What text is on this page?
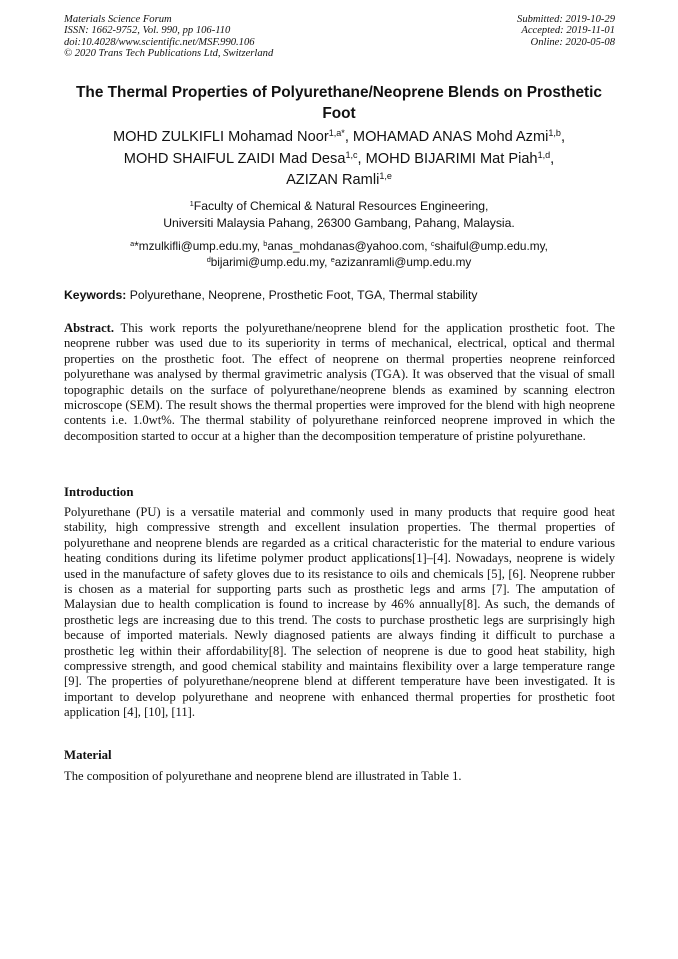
Materials Science Forum
ISSN: 1662-9752, Vol. 990, pp 106-110
doi:10.4028/www.scientific.net/MSF.990.106
© 2020 Trans Tech Publications Ltd, Switzerland
Submitted: 2019-10-29
Accepted: 2019-11-01
Online: 2020-05-08
The Thermal Properties of Polyurethane/Neoprene Blends on Prosthetic Foot
MOHD ZULKIFLI Mohamad Noor$^{1,a*}$, MOHAMAD ANAS Mohd Azmi$^{1,b}$,
MOHD SHAIFUL ZAIDI Mad Desa$^{1,c}$, MOHD BIJARIMI Mat Piah$^{1,d}$,
AZIZAN Ramli$^{1,e}$
$^1$Faculty of Chemical & Natural Resources Engineering,
Universiti Malaysia Pahang, 26300 Gambang, Pahang, Malaysia.
$^a$*mzulkifli@ump.edu.my, $^b$anas_mohdanas@yahoo.com, $^c$shaiful@ump.edu.my,
$^d$bijarimi@ump.edu.my, $^e$azizanramli@ump.edu.my
Keywords: Polyurethane, Neoprene, Prosthetic Foot, TGA, Thermal stability
Abstract. This work reports the polyurethane/neoprene blend for the application prosthetic foot. The neoprene rubber was used due to its superiority in terms of mechanical, electrical, optical and thermal properties on the prosthetic foot. The effect of neoprene on thermal properties neoprene reinforced polyurethane was analysed by thermal gravimetric analysis (TGA). It was observed that the visual of small topographic details on the surface of polyurethane/neoprene blends as examined by scanning electron microscope (SEM). The result shows the thermal properties were improved for the blend with high neoprene contents i.e. 1.0wt%. The thermal stability of polyurethane reinforced neoprene improved in which the decomposition started to occur at a higher than the decomposition temperature of pristine polyurethane.
Introduction
Polyurethane (PU) is a versatile material and commonly used in many products that require good heat stability, high compressive strength and excellent insulation properties. The thermal properties of polyurethane and neoprene blends are regarded as a critical characteristic for the material to endure various heating conditions during its lifetime polymer product applications[1]–[4]. Nowadays, neoprene is widely used in the manufacture of safety gloves due to its resistance to oils and chemicals [5], [6]. Neoprene rubber is chosen as a material for supporting parts such as prosthetic legs and arms [7]. The amputation of Malaysian due to health complication is found to increase by 46% annually[8]. As such, the demands of prosthetic legs are increasing due to this trend. The costs to purchase prosthetic legs are surprisingly high because of imported materials. Newly diagnosed patients are always finding it difficult to purchase a prosthetic leg within their affordability[8]. The selection of neoprene is due to good heat stability, high compressive strength, and good chemical stability and maintains flexibility over a large temperature range [9]. The properties of polyurethane/neoprene blend at different temperature have been investigated. It is important to develop polyurethane and neoprene with enhanced thermal properties for prosthetic foot application [4], [10], [11].
Material
The composition of polyurethane and neoprene blend are illustrated in Table 1.
